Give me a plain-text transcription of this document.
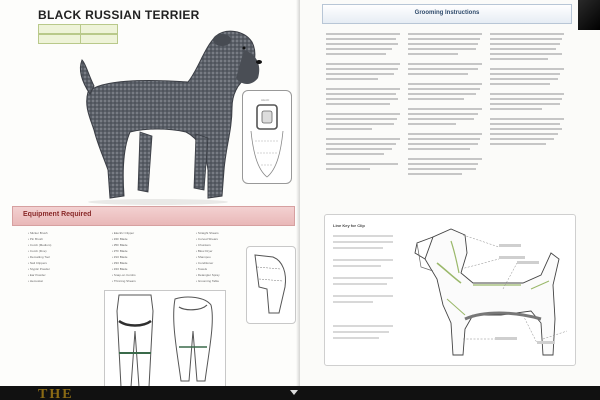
BLACK RUSSIAN TERRIER
HEAD
Equipment Required
• Slicker Brush
• Pin Brush
• Comb (Medium)
• Comb (Fine)
• Dematting Tool
• Nail Clippers
• Styptic Powder
• Ear Powder
• Hemostat
• Electric Clipper
• #4F Blade
• #5F Blade
• #7F Blade
• #10 Blade
• #30 Blade
• #40 Blade
• Snap-on Combs
• Thinning Shears
• Straight Shears
• Curved Shears
• Chunkers
• Blow Dryer
• Shampoo
• Conditioner
• Towels
• Detangler Spray
• Grooming Table
Grooming Instructions
Line Key for Clip
THE
